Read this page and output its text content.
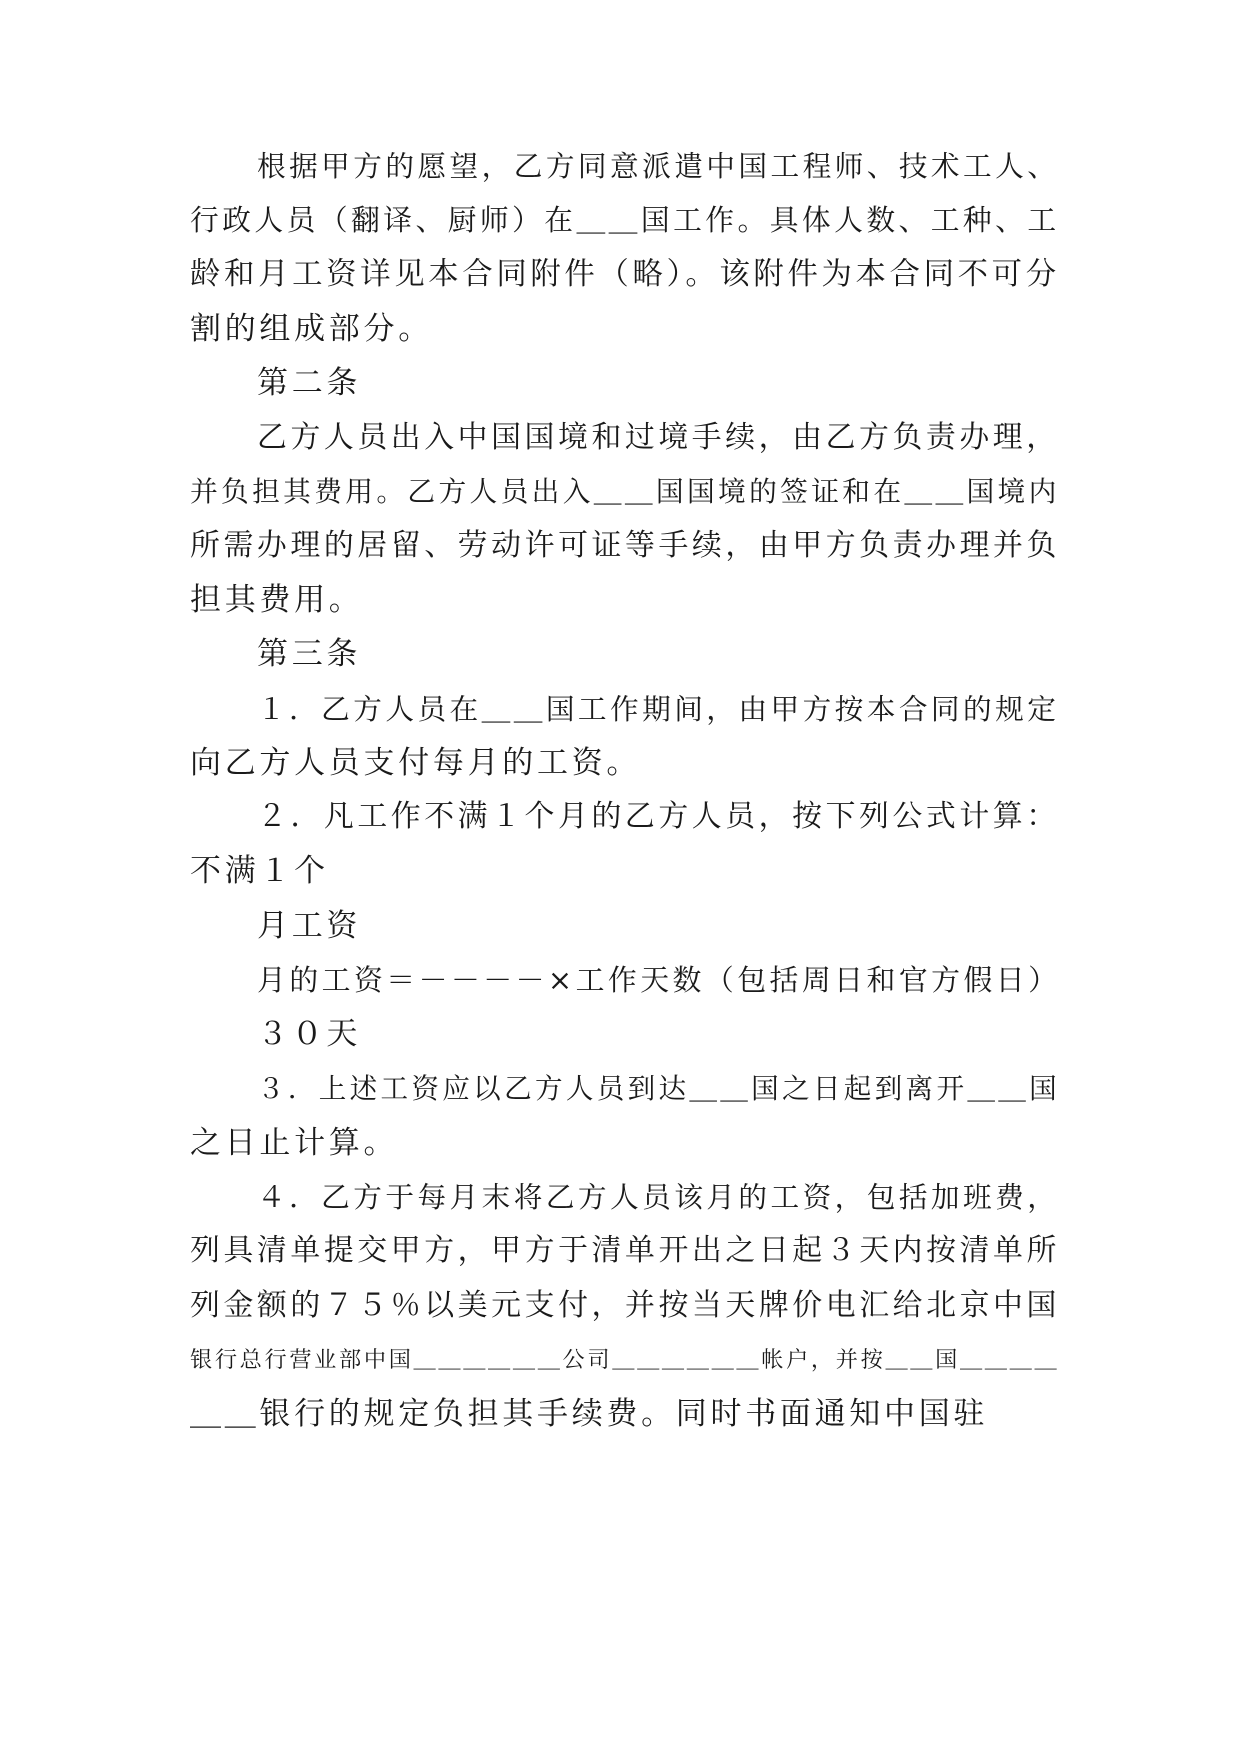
根据甲方的愿望，乙方同意派遣中国工程师、技术工人、
行政人员（翻译、厨师）在＿＿国工作。具体人数、工种、工
龄和月工资详见本合同附件（略）。该附件为本合同不可分
割的组成部分。
第二条
乙方人员出入中国国境和过境手续，由乙方负责办理，
并负担其费用。乙方人员出入＿＿国国境的签证和在＿＿国境内
所需办理的居留、劳动许可证等手续，由甲方负责办理并负
担其费用。
第三条
１．乙方人员在＿＿国工作期间，由甲方按本合同的规定
向乙方人员支付每月的工资。
２．凡工作不满１个月的乙方人员，按下列公式计算：
不满１个
月工资
月的工资＝－－－－×工作天数（包括周日和官方假日）
３０天
３．上述工资应以乙方人员到达＿＿国之日起到离开＿＿国
之日止计算。
４．乙方于每月末将乙方人员该月的工资，包括加班费，
列具清单提交甲方，甲方于清单开出之日起３天内按清单所
列金额的７５％以美元支付，并按当天牌价电汇给北京中国
银行总行营业部中国＿＿＿＿＿＿公司＿＿＿＿＿＿帐户，并按＿＿国＿＿＿＿
＿＿银行的规定负担其手续费。同时书面通知中国驻
